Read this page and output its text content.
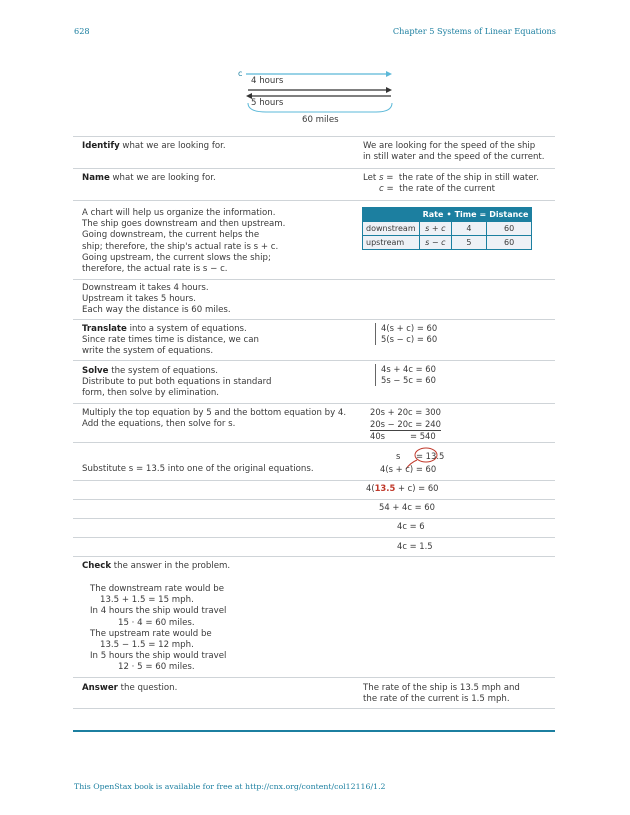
628	Chapter 5 Systems of Linear Equations
c
4 hours
5 hours
60 miles
Identify what we are looking for.	We are looking for the speed of the ship
in still water and the speed of the current.
Name what we are looking for.	Let s = the rate of the ship in still water.
c = the rate of the current
A chart will help us organize the information.
The ship goes downstream and then upstream.
Going downstream, the current helps the
ship; therefore, the ship's actual rate is s + c.
Going upstream, the current slows the ship;
therefore, the actual rate is s − c.
	Rate	•	Time	=	Distance
downstream	s + c		4		60
upstream	s − c		5		60
Downstream it takes 4 hours.
Upstream it takes 5 hours.
Each way the distance is 60 miles.
Translate into a system of equations.
Since rate times time is distance, we can
write the system of equations.
4(s + c) = 60
5(s − c) = 60
Solve the system of equations.
Distribute to put both equations in standard
form, then solve by elimination.
4s + 4c = 60
5s − 5c = 60
Multiply the top equation by 5 and the bottom equation by 4.
Add the equations, then solve for s.
20s + 20c = 300
20s − 20c = 240
40s	= 540
s = 13.5
Substitute s = 13.5 into one of the original equations.	4(s + c) = 60
4(13.5 + c) = 60
54 + 4c = 60
4c = 6
4c = 1.5
Check the answer in the problem.
The downstream rate would be
13.5 + 1.5 = 15 mph.
In 4 hours the ship would travel
15 · 4 = 60 miles.
The upstream rate would be
13.5 − 1.5 = 12 mph.
In 5 hours the ship would travel
12 · 5 = 60 miles.
Answer the question.	The rate of the ship is 13.5 mph and
the rate of the current is 1.5 mph.
This OpenStax book is available for free at http://cnx.org/content/col12116/1.2
